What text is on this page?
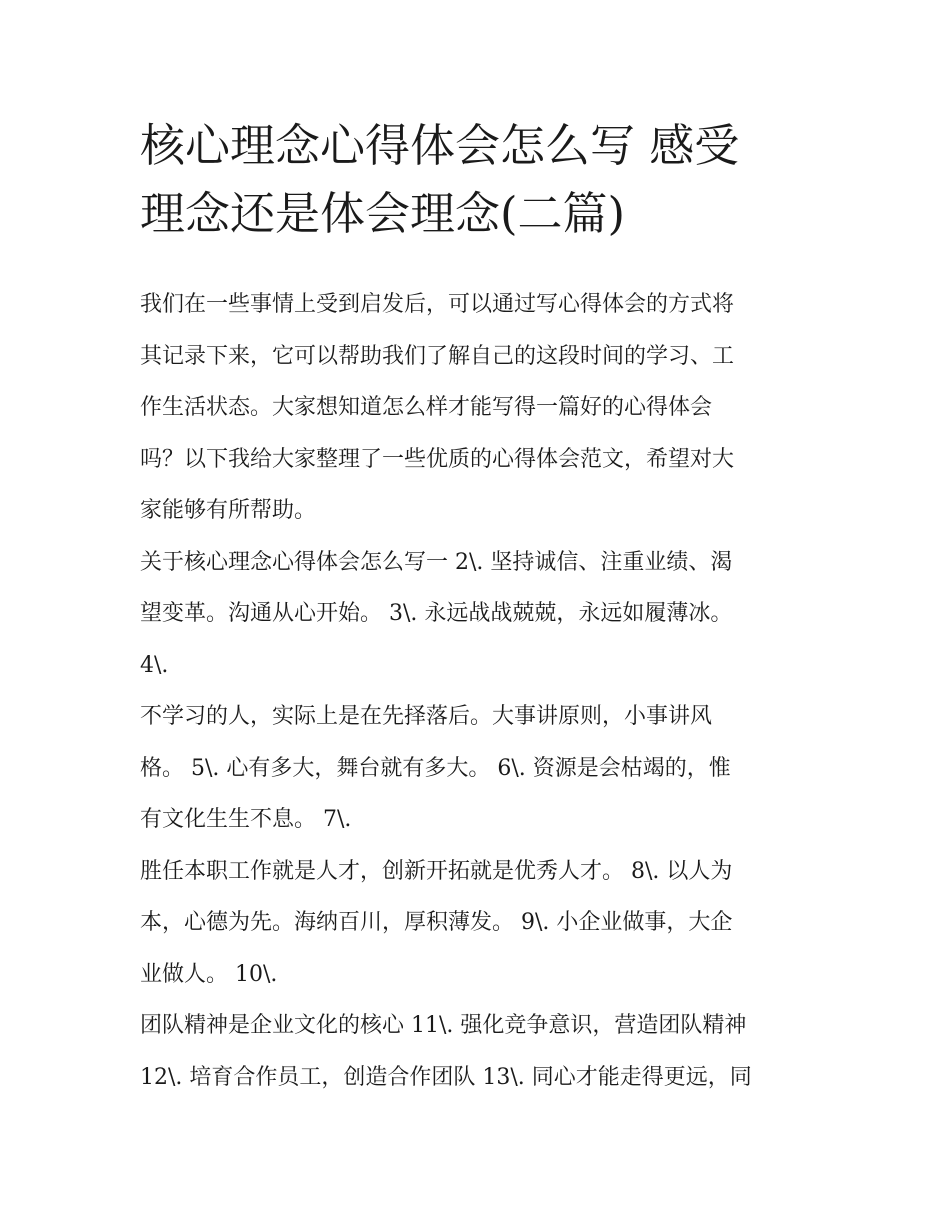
核心理念心得体会怎么写 感受
理念还是体会理念(二篇)

我们在一些事情上受到启发后，可以通过写心得体会的方式将
其记录下来，它可以帮助我们了解自己的这段时间的学习、工
作生活状态。大家想知道怎么样才能写得一篇好的心得体会
吗？以下我给大家整理了一些优质的心得体会范文，希望对大
家能够有所帮助。

关于核心理念心得体会怎么写一 2\. 坚持诚信、注重业绩、渴
望变革。沟通从心开始。 3\. 永远战战兢兢，永远如履薄冰。
4\.

不学习的人，实际上是在先择落后。大事讲原则，小事讲风
格。 5\. 心有多大，舞台就有多大。 6\. 资源是会枯竭的，惟
有文化生生不息。 7\.

胜任本职工作就是人才，创新开拓就是优秀人才。 8\. 以人为
本，心德为先。海纳百川，厚积薄发。 9\. 小企业做事，大企
业做人。 10\.

团队精神是企业文化的核心 11\. 强化竞争意识，营造团队精神
12\. 培育合作员工，创造合作团队 13\. 同心才能走得更远，同
